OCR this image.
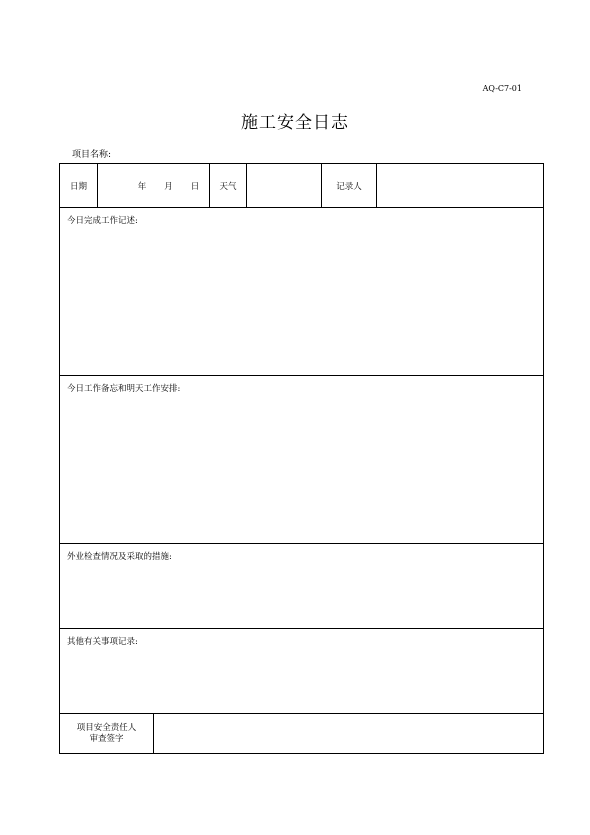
AQ-C7-01
施工安全日志
项目名称:
日期	年 月 日 天气	记录人
今日完成工作记述:
今日工作备忘和明天工作安排:
外业检查情况及采取的措施:
其他有关事项记录:
项目安全责任人
审查签字
